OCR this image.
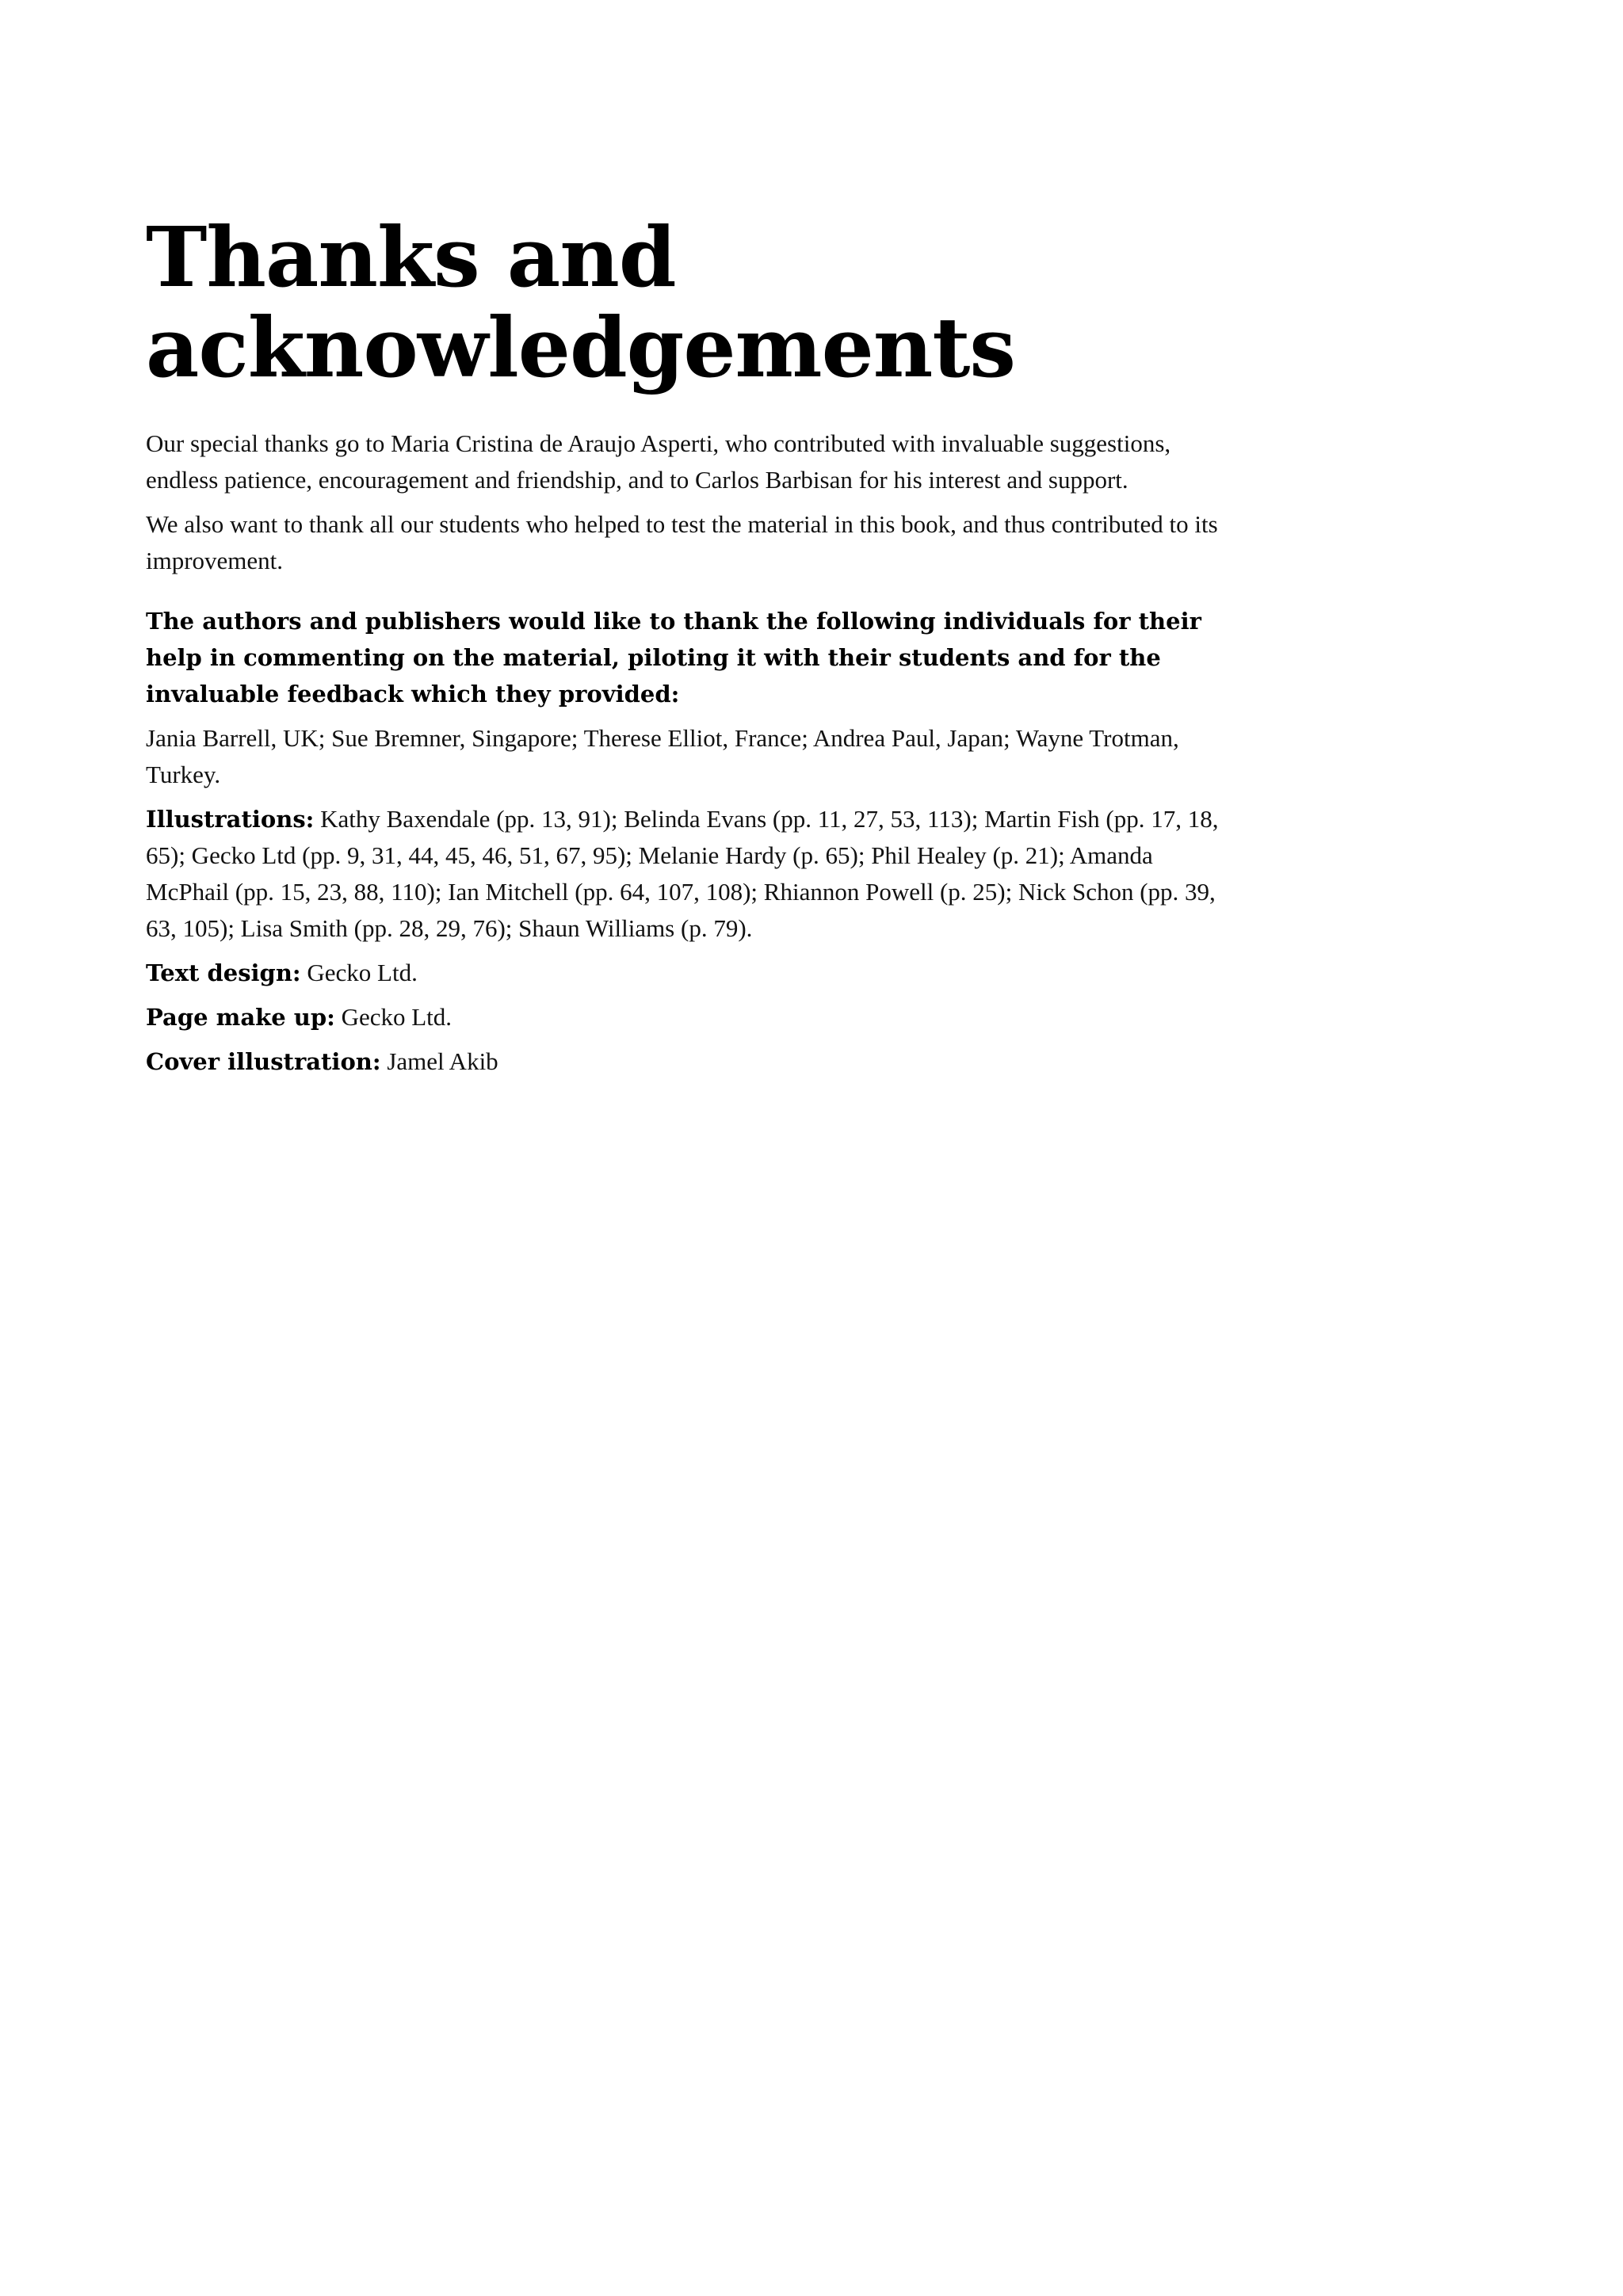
Thanks and acknowledgements

Our special thanks go to Maria Cristina de Araujo Asperti, who contributed with invaluable suggestions, endless patience, encouragement and friendship, and to Carlos Barbisan for his interest and support.

We also want to thank all our students who helped to test the material in this book, and thus contributed to its improvement.

The authors and publishers would like to thank the following individuals for their help in commenting on the material, piloting it with their students and for the invaluable feedback which they provided:

Jania Barrell, UK; Sue Bremner, Singapore; Therese Elliot, France; Andrea Paul, Japan; Wayne Trotman, Turkey.

Illustrations: Kathy Baxendale (pp. 13, 91); Belinda Evans (pp. 11, 27, 53, 113); Martin Fish (pp. 17, 18, 65); Gecko Ltd (pp. 9, 31, 44, 45, 46, 51, 67, 95); Melanie Hardy (p. 65); Phil Healey (p. 21); Amanda McPhail (pp. 15, 23, 88, 110); Ian Mitchell (pp. 64, 107, 108); Rhiannon Powell (p. 25); Nick Schon (pp. 39, 63, 105); Lisa Smith (pp. 28, 29, 76); Shaun Williams (p. 79).

Text design: Gecko Ltd.

Page make up: Gecko Ltd.

Cover illustration: Jamel Akib
